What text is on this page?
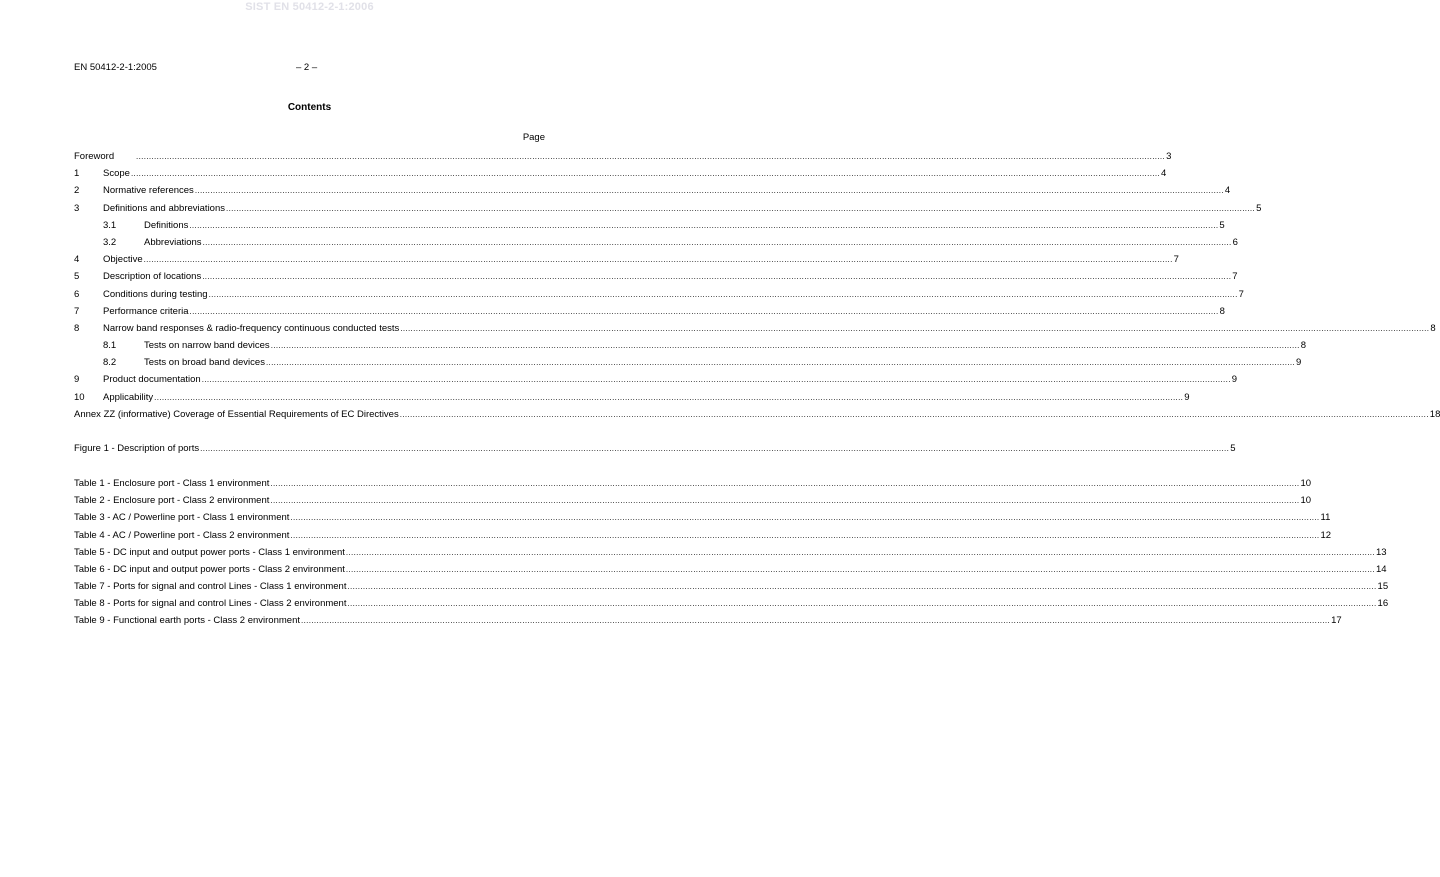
SIST EN 50412-2-1:2006
EN 50412-2-1:2005	– 2 –
Contents
Page
Foreword	................................................................................................................................................................................................................................................................................................................................................................................................................ 3
1	Scope ................................................................................................................................................................................................................................................................................................................................................................................................................ 4
2	Normative references ................................................................................................................................................................................................................................................................................................................................................................................................................ 4
3	Definitions and abbreviations ................................................................................................................................................................................................................................................................................................................................................................................................................ 5
3.1	Definitions ................................................................................................................................................................................................................................................................................................................................................................................................................ 5
3.2	Abbreviations ................................................................................................................................................................................................................................................................................................................................................................................................................ 6
4	Objective ................................................................................................................................................................................................................................................................................................................................................................................................................ 7
5	Description of locations ................................................................................................................................................................................................................................................................................................................................................................................................................ 7
6	Conditions during testing ................................................................................................................................................................................................................................................................................................................................................................................................................ 7
7	Performance criteria ................................................................................................................................................................................................................................................................................................................................................................................................................ 8
8	Narrow band responses & radio-frequency continuous conducted tests ................................................................................................................................................................................................................................................................................................................................................................................................................ 8
8.1	Tests on narrow band devices ................................................................................................................................................................................................................................................................................................................................................................................................................ 8
8.2	Tests on broad band devices ................................................................................................................................................................................................................................................................................................................................................................................................................ 9
9	Product documentation ................................................................................................................................................................................................................................................................................................................................................................................................................ 9
10	Applicability ................................................................................................................................................................................................................................................................................................................................................................................................................ 9
Annex ZZ (informative) Coverage of Essential Requirements of EC Directives ................................................................................................................................................................................................................................................................................................................................................................................................................ 18
Figure 1 - Description of ports ................................................................................................................................................................................................................................................................................................................................................................................................................ 5
Table 1 - Enclosure port - Class 1 environment ................................................................................................................................................................................................................................................................................................................................................................................................................ 10
Table 2 - Enclosure port - Class 2 environment ................................................................................................................................................................................................................................................................................................................................................................................................................ 10
Table 3 - AC / Powerline port - Class 1 environment ................................................................................................................................................................................................................................................................................................................................................................................................................ 11
Table 4 - AC / Powerline port - Class 2 environment ................................................................................................................................................................................................................................................................................................................................................................................................................ 12
Table 5 - DC input and output power ports - Class 1 environment ................................................................................................................................................................................................................................................................................................................................................................................................................ 13
Table 6 - DC input and output power ports - Class 2 environment ................................................................................................................................................................................................................................................................................................................................................................................................................ 14
Table 7 - Ports for signal and control Lines - Class 1 environment ................................................................................................................................................................................................................................................................................................................................................................................................................ 15
Table 8 - Ports for signal and control Lines - Class 2 environment ................................................................................................................................................................................................................................................................................................................................................................................................................ 16
Table 9 - Functional earth ports - Class 2 environment ................................................................................................................................................................................................................................................................................................................................................................................................................ 17
